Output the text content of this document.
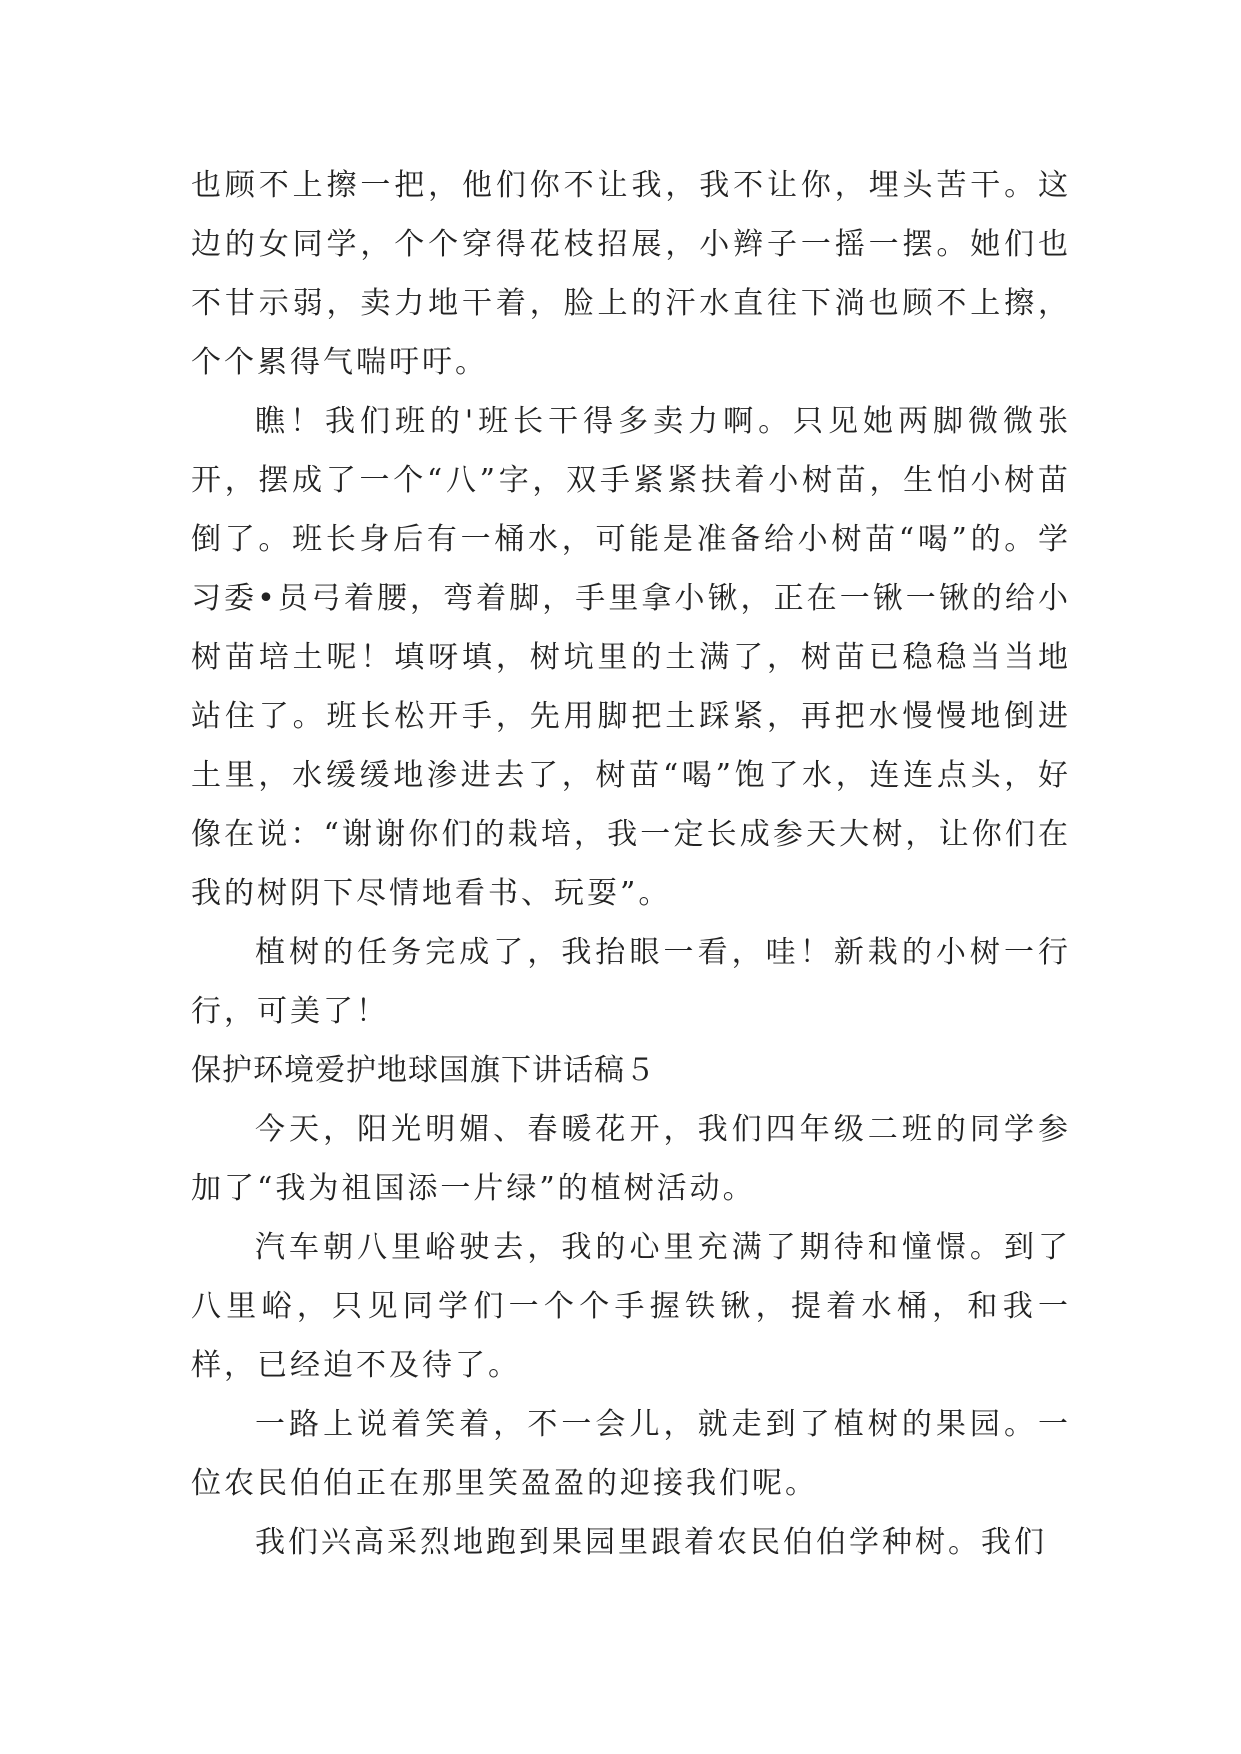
也顾不上擦一把，他们你不让我，我不让你，埋头苦干。这边的女同学，个个穿得花枝招展，小辫子一摇一摆。她们也不甘示弱，卖力地干着，脸上的汗水直往下淌也顾不上擦，个个累得气喘吁吁。

瞧！我们班的'班长干得多卖力啊。只见她两脚微微张开，摆成了一个“八”字，双手紧紧扶着小树苗，生怕小树苗倒了。班长身后有一桶水，可能是准备给小树苗“喝”的。学习委•员弓着腰，弯着脚，手里拿小锹，正在一锹一锹的给小树苗培土呢！填呀填，树坑里的土满了，树苗已稳稳当当地站住了。班长松开手，先用脚把土踩紧，再把水慢慢地倒进土里，水缓缓地渗进去了，树苗“喝”饱了水，连连点头，好像在说：“谢谢你们的栽培，我一定长成参天大树，让你们在我的树阴下尽情地看书、玩耍”。

植树的任务完成了，我抬眼一看，哇！新栽的小树一行行，可美了！

保护环境爱护地球国旗下讲话稿５

今天，阳光明媚、春暖花开，我们四年级二班的同学参加了“我为祖国添一片绿”的植树活动。

汽车朝八里峪驶去，我的心里充满了期待和憧憬。到了八里峪，只见同学们一个个手握铁锹，提着水桶，和我一样，已经迫不及待了。

一路上说着笑着，不一会儿，就走到了植树的果园。一位农民伯伯正在那里笑盈盈的迎接我们呢。

我们兴高采烈地跑到果园里跟着农民伯伯学种树。我们
